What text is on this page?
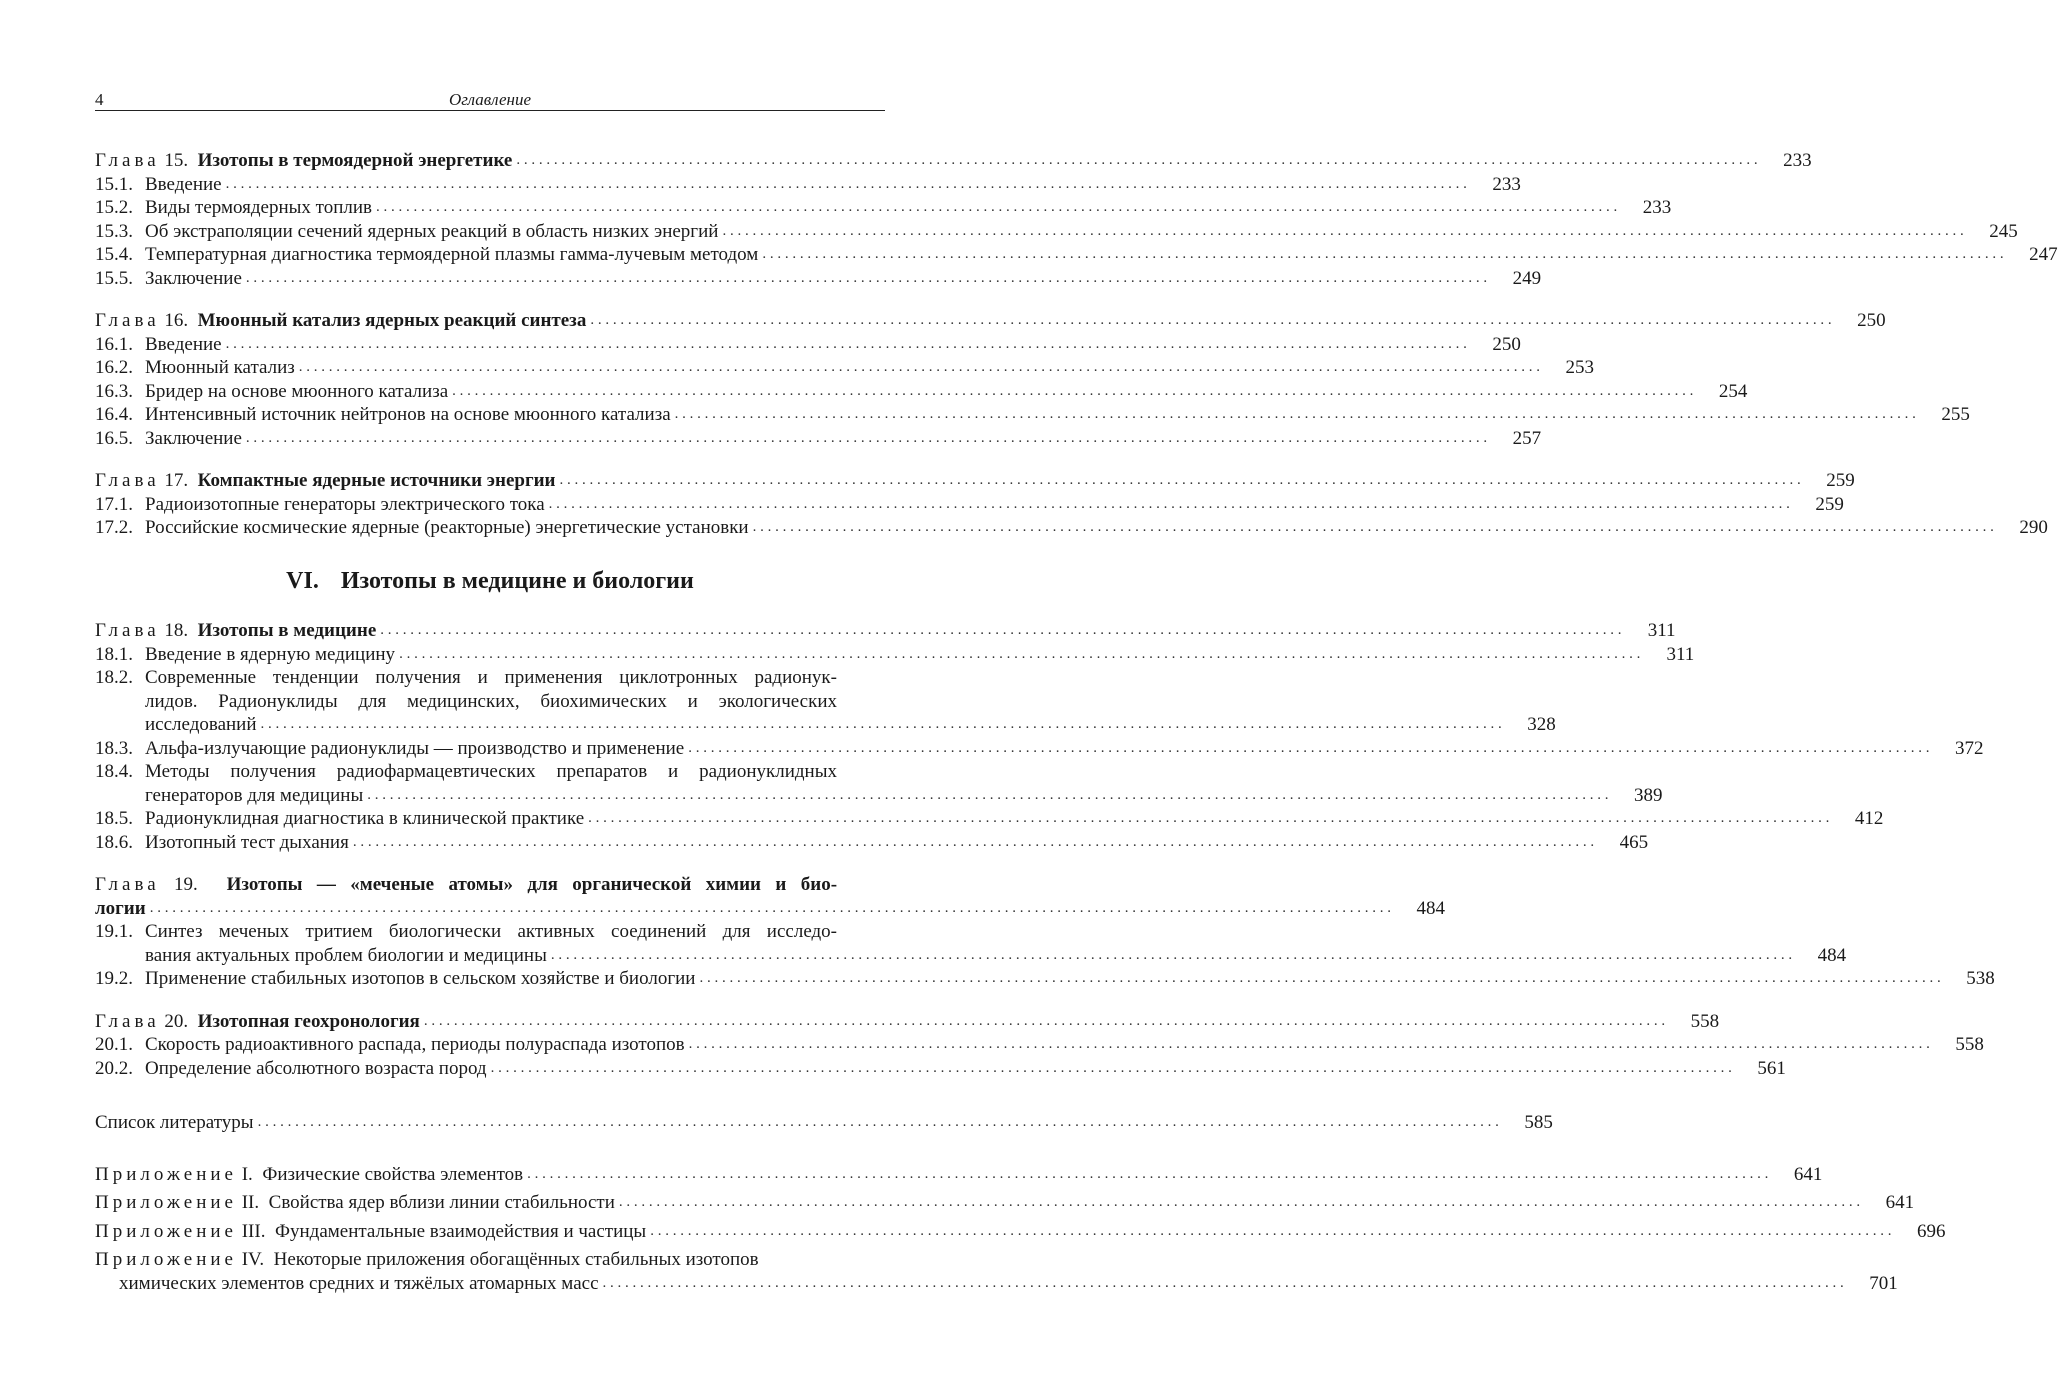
4	Оглавление
Глава 15. Изотопы в термоядерной энергетике . . .	233
15.1. Введение . . .	233
15.2. Виды термоядерных топлив . . .	233
15.3. Об экстраполяции сечений ядерных реакций в область низких энергий . . .	245
15.4. Температурная диагностика термоядерной плазмы гамма-лучевым методом . . .	247
15.5. Заключение . . .	249
Глава 16. Мюонный катализ ядерных реакций синтеза . . .	250
16.1. Введение . . .	250
16.2. Мюонный катализ . . .	253
16.3. Бридер на основе мюонного катализа . . .	254
16.4. Интенсивный источник нейтронов на основе мюонного катализа . . .	255
16.5. Заключение . . .	257
Глава 17. Компактные ядерные источники энергии . . .	259
17.1. Радиоизотопные генераторы электрического тока . . .	259
17.2. Российские космические ядерные (реакторные) энергетические установки . . .	290
VI. Изотопы в медицине и биологии
Глава 18. Изотопы в медицине . . .	311
18.1. Введение в ядерную медицину . . .	311
18.2. Современные тенденции получения и применения циклотронных радионук-
лидов. Радионуклиды для медицинских, биохимических и экологических
исследований . . .	328
18.3. Альфа-излучающие радионуклиды — производство и применение . . .	372
18.4. Методы получения радиофармацевтических препаратов и радионуклидных
генераторов для медицины . . .	389
18.5. Радионуклидная диагностика в клинической практике . . .	412
18.6. Изотопный тест дыхания . . .	465
Глава 19. Изотопы — «меченые атомы» для органической химии и био-
логии . . .	484
19.1. Синтез меченых тритием биологически активных соединений для исследо-
вания актуальных проблем биологии и медицины . . .	484
19.2. Применение стабильных изотопов в сельском хозяйстве и биологии . . .	538
Глава 20. Изотопная геохронология . . .	558
20.1. Скорость радиоактивного распада, периоды полураспада изотопов . . .	558
20.2. Определение абсолютного возраста пород . . .	561
Список литературы . . .	585
Приложение I. Физические свойства элементов . . .	641
Приложение II. Свойства ядер вблизи линии стабильности . . .	641
Приложение III. Фундаментальные взаимодействия и частицы . . .	696
Приложение IV. Некоторые приложения обогащённых стабильных изотопов
химических элементов средних и тяжёлых атомарных масс . . .	701
